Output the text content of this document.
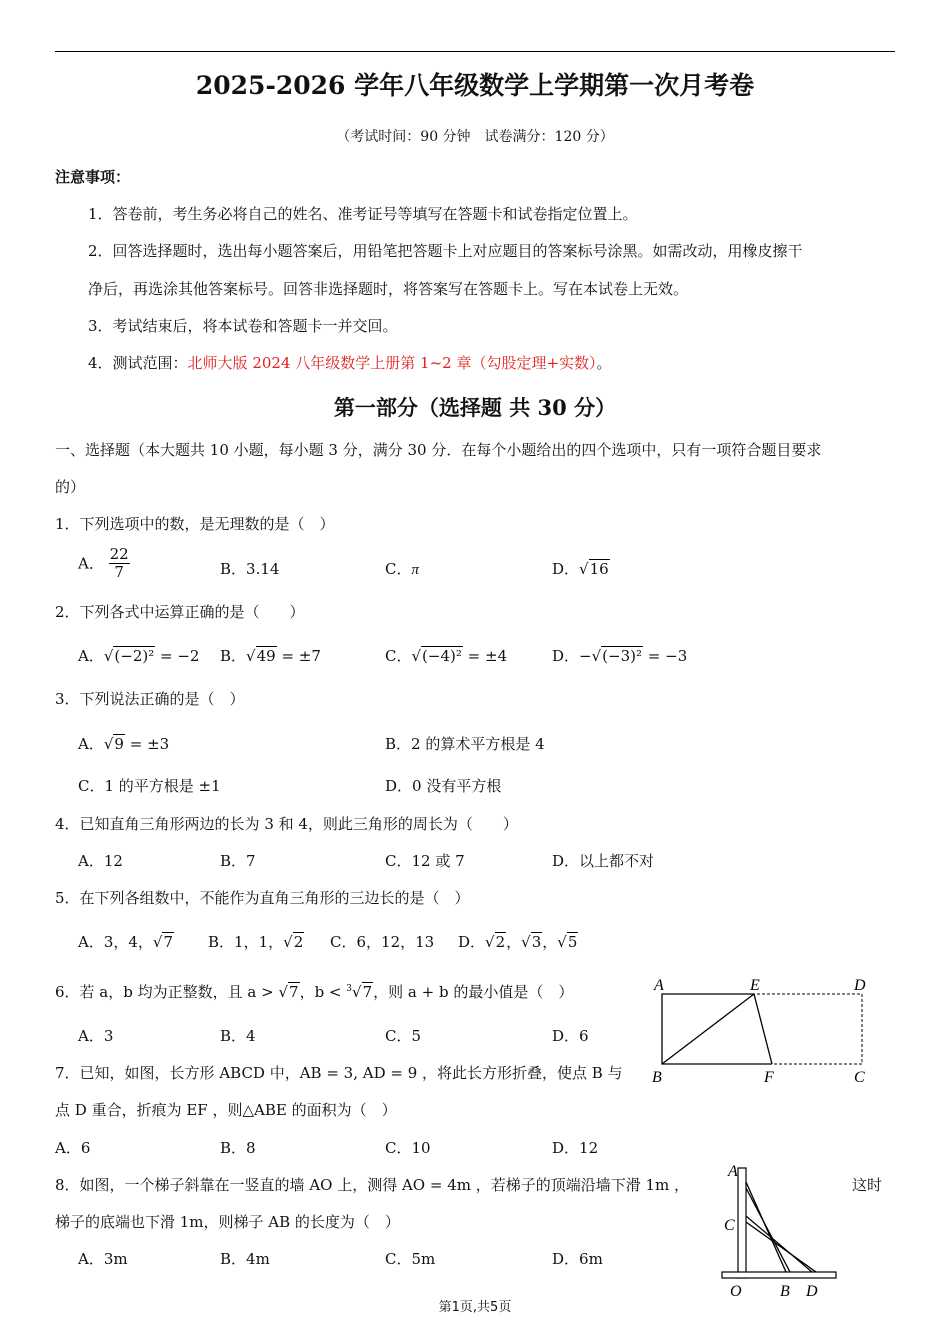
2025-2026 学年八年级数学上学期第一次月考卷
（考试时间：90 分钟　试卷满分：120 分）
注意事项：
1．答卷前，考生务必将自己的姓名、准考证号等填写在答题卡和试卷指定位置上。
2．回答选择题时，选出每小题答案后，用铅笔把答题卡上对应题目的答案标号涂黑。如需改动，用橡皮擦干
净后，再选涂其他答案标号。回答非选择题时，将答案写在答题卡上。写在本试卷上无效。
3．考试结束后，将本试卷和答题卡一并交回。
4．测试范围：北师大版 2024 八年级数学上册第 1~2 章（勾股定理+实数）。
第一部分（选择题 共 30 分）
一、选择题（本大题共 10 小题，每小题 3 分，满分 30 分．在每个小题给出的四个选项中，只有一项符合题目要求
的）
1．下列选项中的数，是无理数的是（　）
A． $\frac{22}{7}$	B．3.14	C．π	D．√16
2．下列各式中运算正确的是（　　）
A．√(−2)² = −2 B．√49 = ±7	C．√(−4)² = ±4	D．−√(−3)² = −3
3．下列说法正确的是（　）
A．√9 = ±3	B．2 的算术平方根是 4
C．1 的平方根是 ±1	D．0 没有平方根
4．已知直角三角形两边的长为 3 和 4，则此三角形的周长为（　　）
A．12	B．7	C．12 或 7	D．以上都不对
5．在下列各组数中，不能作为直角三角形的三边长的是（　）
A．3，4，√7 B．1，1，√2 C．6，12，13 D．√2，√3，√5
6．若 a，b 均为正整数，且 a > √7，b < $^3$√7，则 a + b 的最小值是（　）
A．3	B．4	C．5	D．6
A	E	D
B	F	C
7．已知，如图，长方形 ABCD 中，AB = 3, AD = 9 ，将此长方形折叠，使点 B 与
点 D 重合，折痕为 EF ，则△ABE 的面积为（　）
A．6	B．8	C．10	D．12
8．如图，一个梯子斜靠在一竖直的墙 AO 上，测得 AO = 4m ，若梯子的顶端沿墙下滑 1m ，	这时
梯子的底端也下滑 1m，则梯子 AB 的长度为（　）
A．3m	B．4m	C．5m	D．6m
A
C
O B D
第1页,共5页
